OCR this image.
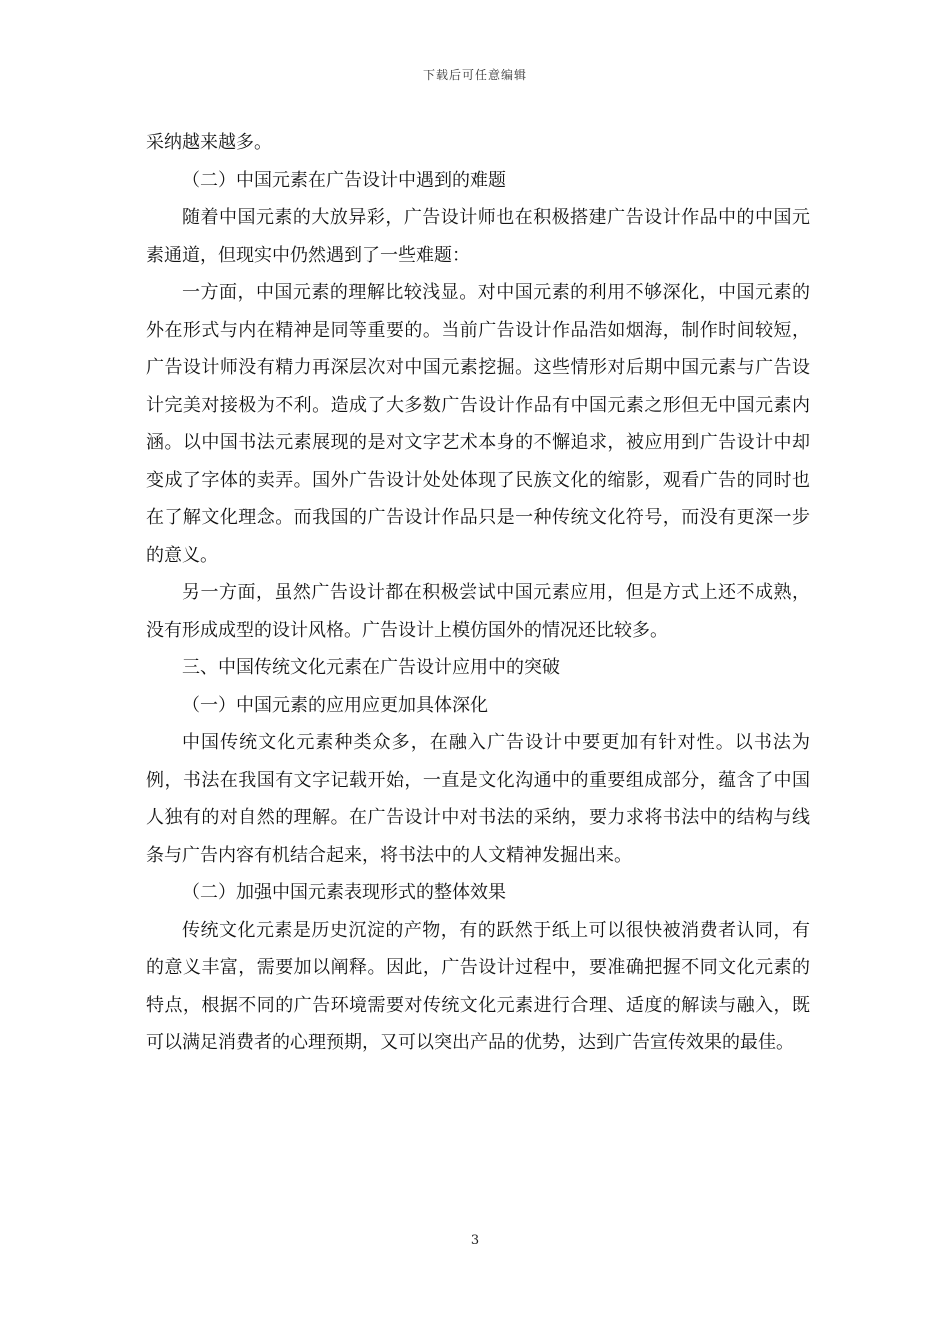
下载后可任意编辑

采纳越来越多。

（二）中国元素在广告设计中遇到的难题

随着中国元素的大放异彩，广告设计师也在积极搭建广告设计作品中的中国元素通道，但现实中仍然遇到了一些难题：

一方面，中国元素的理解比较浅显。对中国元素的利用不够深化，中国元素的外在形式与内在精神是同等重要的。当前广告设计作品浩如烟海，制作时间较短，广告设计师没有精力再深层次对中国元素挖掘。这些情形对后期中国元素与广告设计完美对接极为不利。造成了大多数广告设计作品有中国元素之形但无中国元素内涵。以中国书法元素展现的是对文字艺术本身的不懈追求，被应用到广告设计中却变成了字体的卖弄。国外广告设计处处体现了民族文化的缩影，观看广告的同时也在了解文化理念。而我国的广告设计作品只是一种传统文化符号，而没有更深一步的意义。

另一方面，虽然广告设计都在积极尝试中国元素应用，但是方式上还不成熟，没有形成成型的设计风格。广告设计上模仿国外的情况还比较多。

三、中国传统文化元素在广告设计应用中的突破

（一）中国元素的应用应更加具体深化

中国传统文化元素种类众多，在融入广告设计中要更加有针对性。以书法为例，书法在我国有文字记载开始，一直是文化沟通中的重要组成部分，蕴含了中国人独有的对自然的理解。在广告设计中对书法的采纳，要力求将书法中的结构与线条与广告内容有机结合起来，将书法中的人文精神发掘出来。

（二）加强中国元素表现形式的整体效果

传统文化元素是历史沉淀的产物，有的跃然于纸上可以很快被消费者认同，有的意义丰富，需要加以阐释。因此，广告设计过程中，要准确把握不同文化元素的特点，根据不同的广告环境需要对传统文化元素进行合理、适度的解读与融入，既可以满足消费者的心理预期，又可以突出产品的优势，达到广告宣传效果的最佳。

3
